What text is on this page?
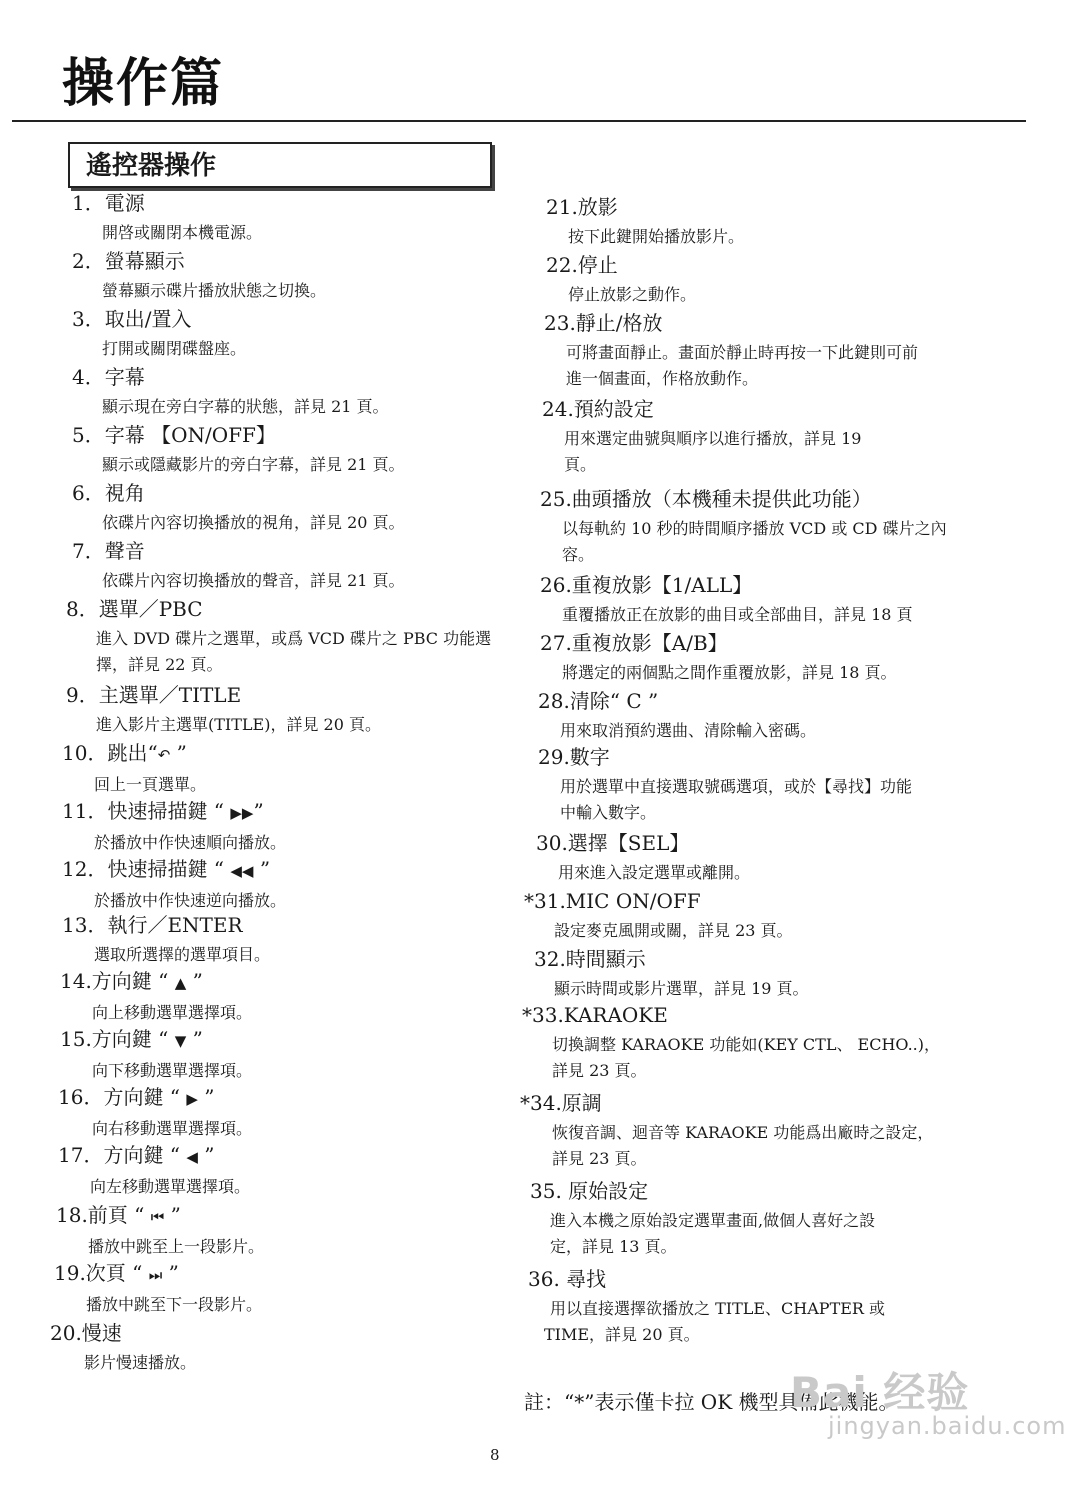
操作篇
遙控器操作
1．電源
開啓或關閉本機電源。
2．螢幕顯示
螢幕顯示碟片播放狀態之切換。
3．取出/置入
打開或關閉碟盤座。
4．字幕
顯示現在旁白字幕的狀態，詳見 21 頁。
5．字幕 【ON/OFF】
顯示或隱藏影片的旁白字幕，詳見 21 頁。
6．視角
依碟片內容切換播放的視角，詳見 20 頁。
7．聲音
依碟片內容切換播放的聲音，詳見 21 頁。
8．選單／PBC
進入 DVD 碟片之選單，或爲 VCD 碟片之 PBC 功能選
擇，詳見 22 頁。
9．主選單／TITLE
進入影片主選單(TITLE)，詳見 20 頁。
10．跳出“↶ ”
回上一頁選單。
11．快速掃描鍵 “ ▶▶”
於播放中作快速順向播放。
12．快速掃描鍵 “ ◀◀ ”
於播放中作快速逆向播放。
13．執行／ENTER
選取所選擇的選單項目。
14.方向鍵 “ ▲ ”
向上移動選單選擇項。
15.方向鍵 “ ▼ ”
向下移動選單選擇項。
16．方向鍵 “ ▶ ”
向右移動選單選擇項。
17．方向鍵 “ ◀ ”
向左移動選單選擇項。
18.前頁 “ ⏮ ”
播放中跳至上一段影片。
19.次頁 “ ⏭ ”
播放中跳至下一段影片。
20.慢速
影片慢速播放。
21.放影
按下此鍵開始播放影片。
22.停止
停止放影之動作。
23.靜止/格放
可將畫面靜止。畫面於靜止時再按一下此鍵則可前
進一個畫面，作格放動作。
24.預約設定
用來選定曲號與順序以進行播放，詳見 19
頁。
25.曲頭播放（本機種未提供此功能）
以每軌約 10 秒的時間順序播放 VCD 或 CD 碟片之內
容。
26.重複放影【1/ALL】
重覆播放正在放影的曲目或全部曲目，詳見 18 頁
27.重複放影【A/B】
將選定的兩個點之間作重覆放影，詳見 18 頁。
28.清除“ C ”
用來取消預約選曲、清除輸入密碼。
29.數字
用於選單中直接選取號碼選項，或於【尋找】功能
中輸入數字。
30.選擇【SEL】
用來進入設定選單或離開。
*31.MIC ON/OFF
設定麥克風開或關，詳見 23 頁。
32.時間顯示
顯示時間或影片選單，詳見 19 頁。
*33.KARAOKE
切換調整 KARAOKE 功能如(KEY CTL、 ECHO..)，
詳見 23 頁。
*34.原調
恢復音調、迴音等 KARAOKE 功能爲出廠時之設定，
詳見 23 頁。
35. 原始設定
進入本機之原始設定選單畫面,做個人喜好之設
定，詳見 13 頁。
36. 尋找
用以直接選擇欲播放之 TITLE、CHAPTER 或
TIME，詳見 20 頁。
註：“*”表示僅卡拉 OK 機型具備此機能。
8
Bai 经验
jingyan.baidu.com
